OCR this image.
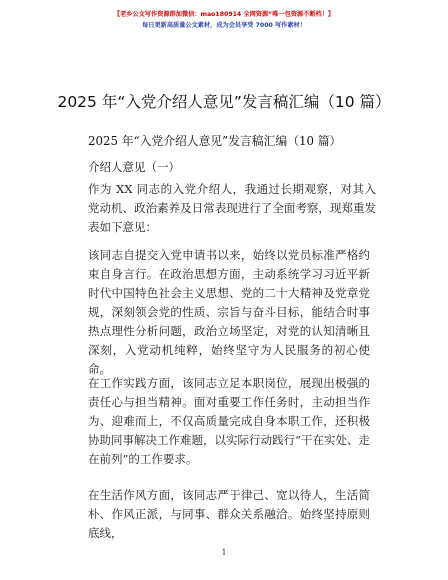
【老乡公文写作资源群加微信：mao180914 全网资源“唯一包资源不断档！】
每日更新高质量公文素材，成为会员享受 7000 写作素材！
2025 年“入党介绍人意见”发言稿汇编（10 篇）
2025 年“入党介绍人意见”发言稿汇编（10 篇）
介绍人意见（一）

作为 XX 同志的入党介绍人，我通过长期观察，对其入党动机、政治素养及日常表现进行了全面考察，现郑重发表如下意见：

该同志自提交入党申请书以来，始终以党员标准严格约束自身言行。在政治思想方面，主动系统学习习近平新时代中国特色社会主义思想、党的二十大精神及党章党规，深刻领会党的性质、宗旨与奋斗目标，能结合时事热点理性分析问题，政治立场坚定，对党的认知清晰且深刻，入党动机纯粹，始终坚守为人民服务的初心使命。

在工作实践方面，该同志立足本职岗位，展现出极强的责任心与担当精神。面对重要工作任务时，主动担当作为、迎难而上，不仅高质量完成自身本职工作，还积极协助同事解决工作难题，以实际行动践行“干在实处、走在前列”的工作要求。

在生活作风方面，该同志严于律己、宽以待人，生活简朴、作风正派，与同事、群众关系融洽。始终坚持原则底线，

1
